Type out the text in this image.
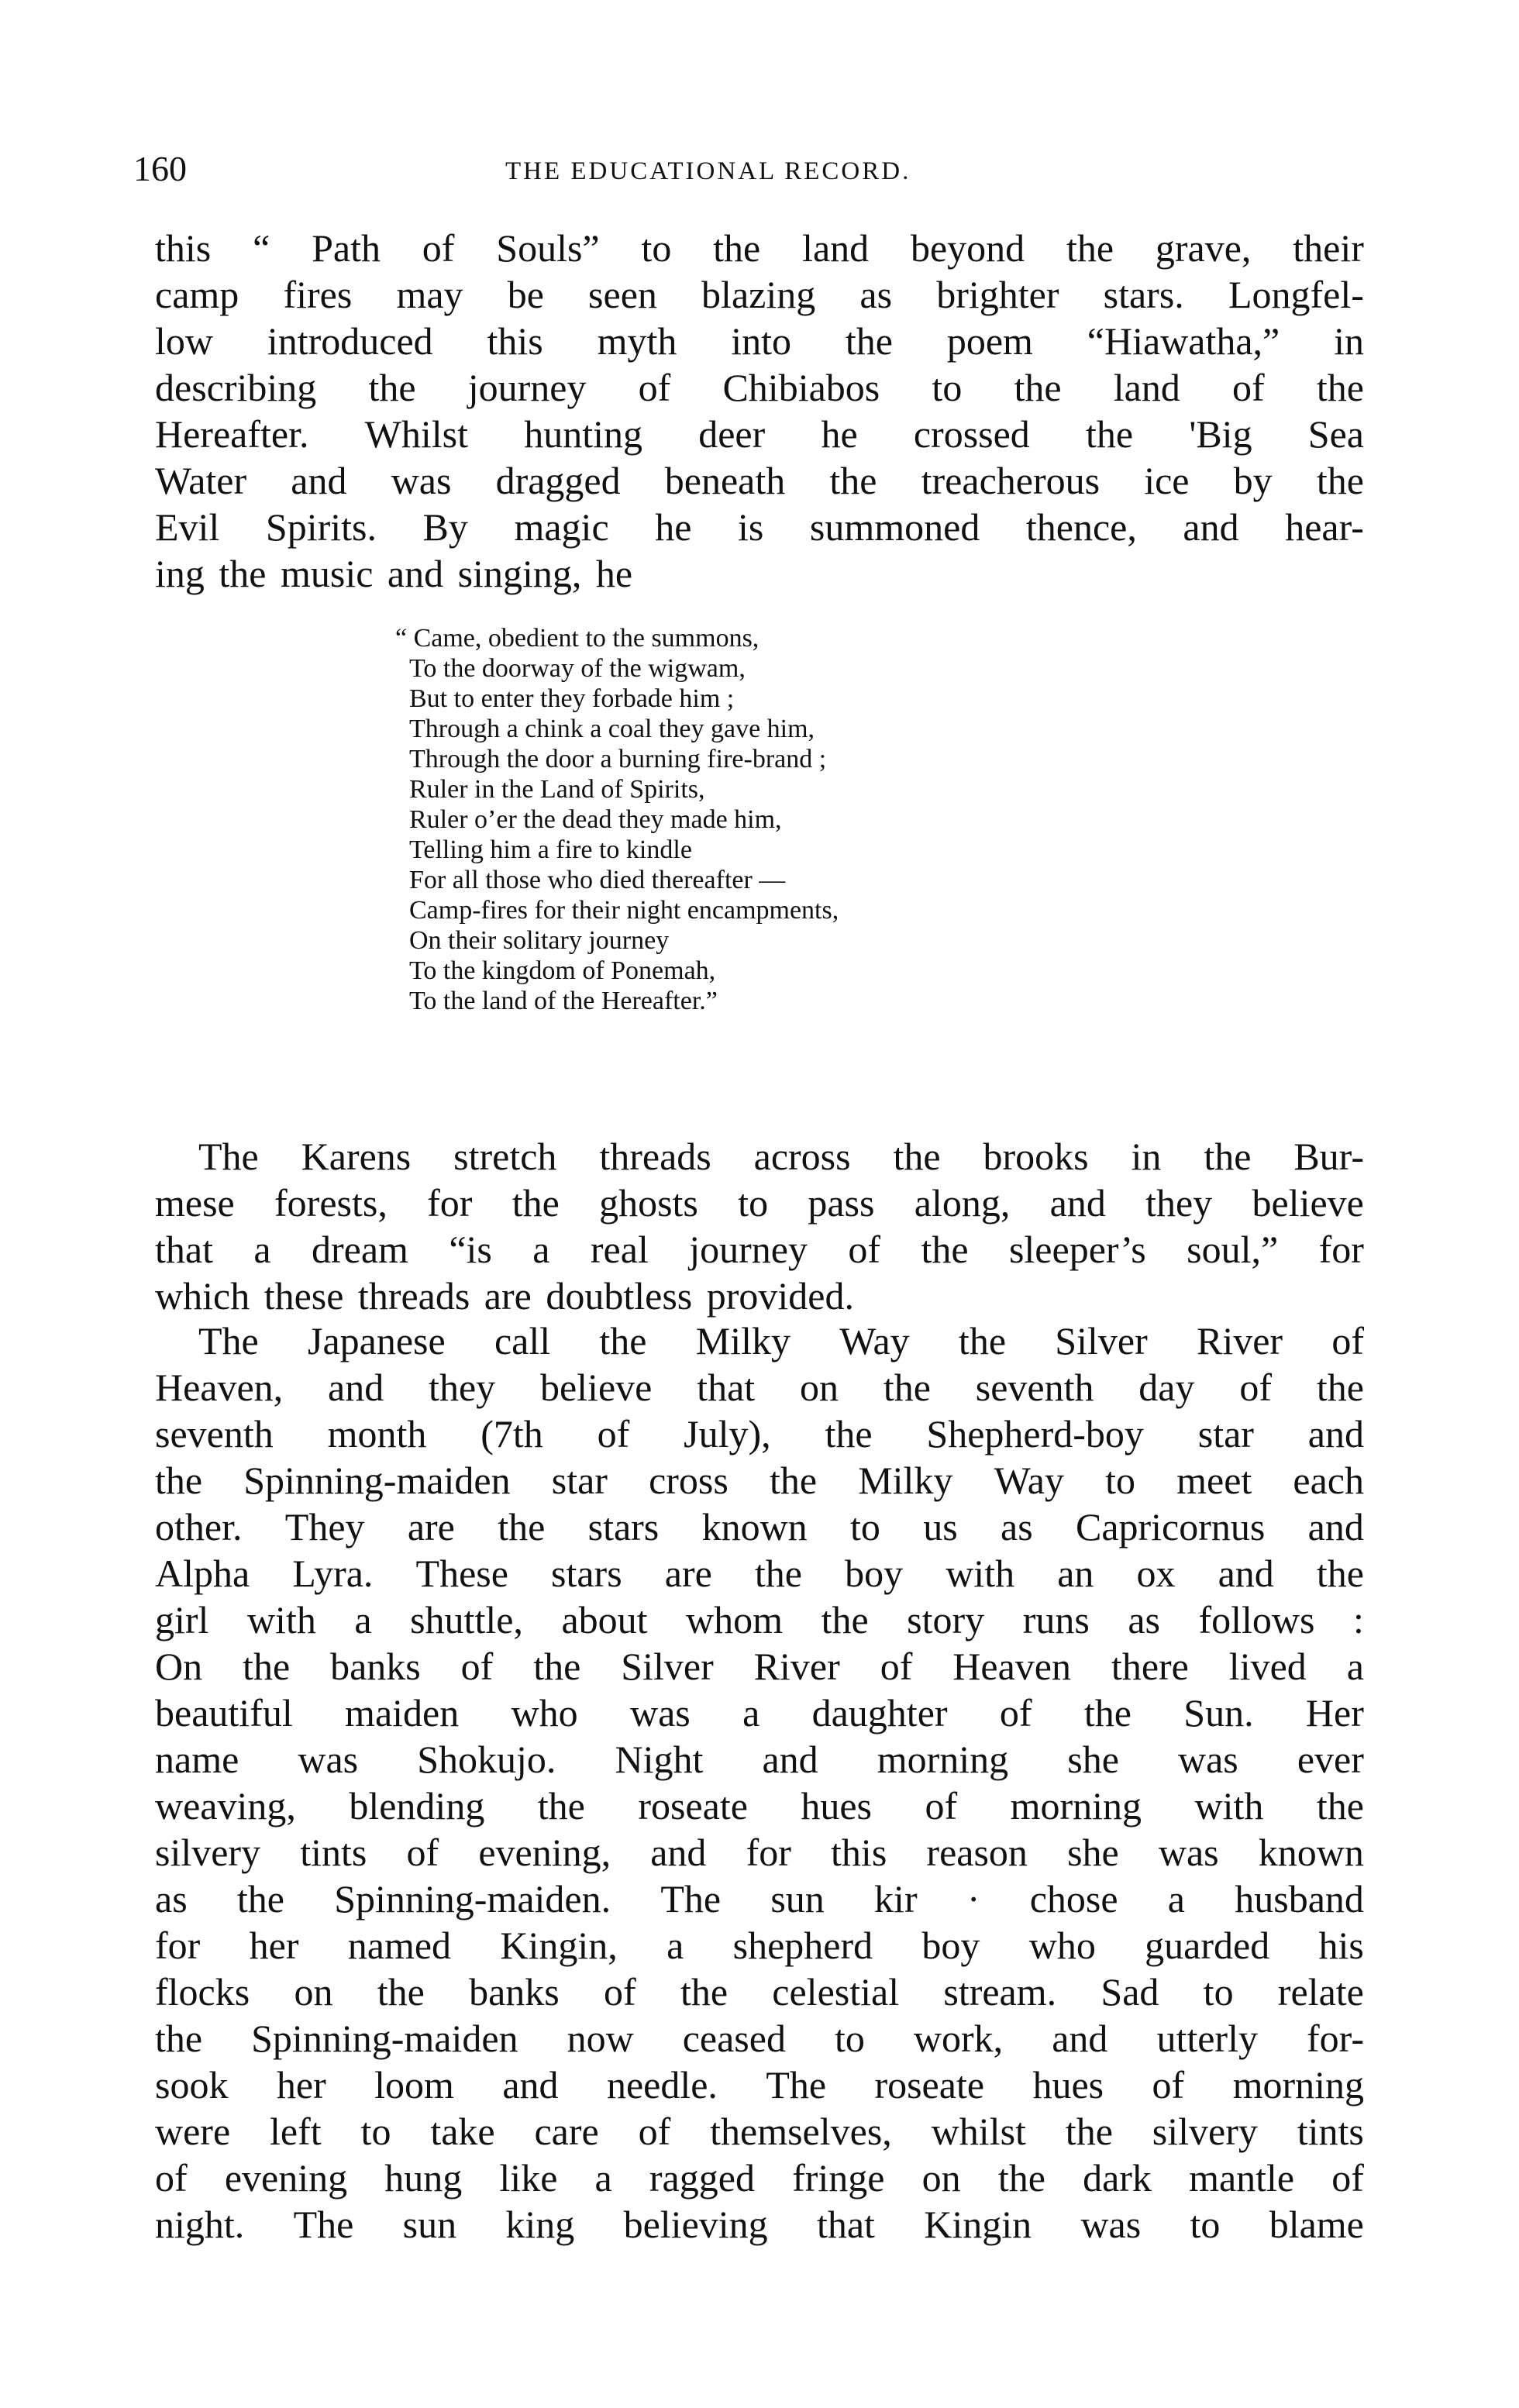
160	THE EDUCATIONAL RECORD.
this “ Path of Souls” to the land beyond the grave, their
camp fires may be seen blazing as brighter stars. Longfel-
low introduced this myth into the poem “Hiawatha,” in
describing the journey of Chibiabos to the land of the
Hereafter. Whilst hunting deer he crossed the 'Big Sea
Water and was dragged beneath the treacherous ice by the
Evil Spirits. By magic he is summoned thence, and hear-
ing the music and singing, he
“ Came, obedient to the summons,
To the doorway of the wigwam,
But to enter they forbade him ;
Through a chink a coal they gave him,
Through the door a burning fire-brand ;
Ruler in the Land of Spirits,
Ruler o’er the dead they made him,
Telling him a fire to kindle
For all those who died thereafter —
Camp-fires for their night encampments,
On their solitary journey
To the kingdom of Ponemah,
To the land of the Hereafter.”
The Karens stretch threads across the brooks in the Bur-
mese forests, for the ghosts to pass along, and they believe
that a dream “is a real journey of the sleeper’s soul,” for
which these threads are doubtless provided.
The Japanese call the Milky Way the Silver River of
Heaven, and they believe that on the seventh day of the
seventh month (7th of July), the Shepherd-boy star and
the Spinning-maiden star cross the Milky Way to meet each
other. They are the stars known to us as Capricornus and
Alpha Lyra. These stars are the boy with an ox and the
girl with a shuttle, about whom the story runs as follows :
On the banks of the Silver River of Heaven there lived a
beautiful maiden who was a daughter of the Sun. Her
name was Shokujo. Night and morning she was ever
weaving, blending the roseate hues of morning with the
silvery tints of evening, and for this reason she was known
as the Spinning-maiden. The sun kir · chose a husband
for her named Kingin, a shepherd boy who guarded his
flocks on the banks of the celestial stream. Sad to relate
the Spinning-maiden now ceased to work, and utterly for-
sook her loom and needle. The roseate hues of morning
were left to take care of themselves, whilst the silvery tints
of evening hung like a ragged fringe on the dark mantle of
night. The sun king believing that Kingin was to blame
